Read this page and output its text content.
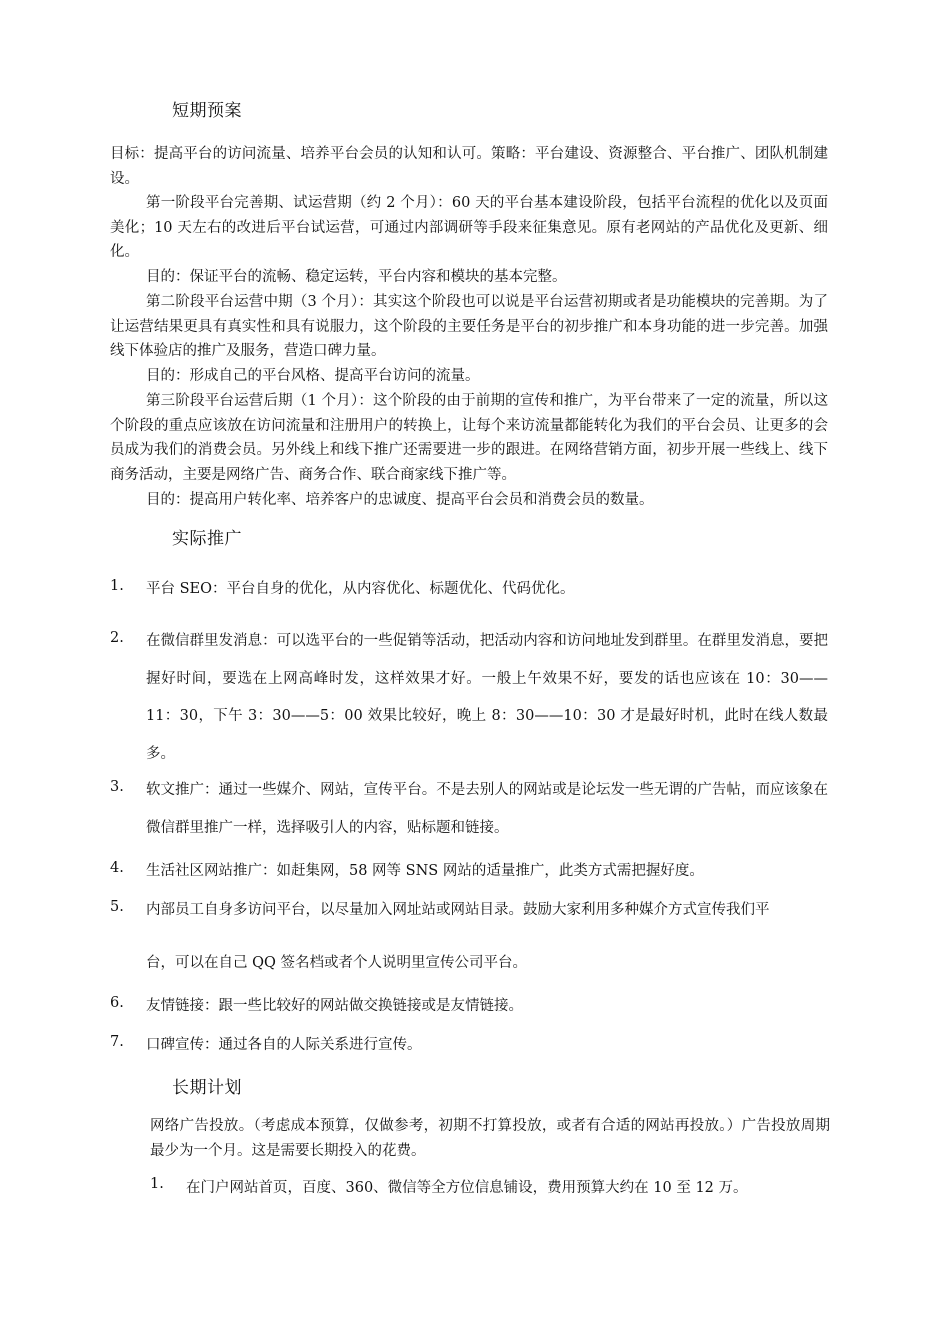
短期预案
目标：提高平台的访问流量、培养平台会员的认知和认可。策略：平台建设、资源整合、平台推广、团队机制建设。
第一阶段平台完善期、试运营期（约 2 个月）：60 天的平台基本建设阶段，包括平台流程的优化以及页面美化；10 天左右的改进后平台试运营，可通过内部调研等手段来征集意见。原有老网站的产品优化及更新、细化。
目的：保证平台的流畅、稳定运转，平台内容和模块的基本完整。
第二阶段平台运营中期（3 个月）：其实这个阶段也可以说是平台运营初期或者是功能模块的完善期。为了让运营结果更具有真实性和具有说服力，这个阶段的主要任务是平台的初步推广和本身功能的进一步完善。加强线下体验店的推广及服务，营造口碑力量。
目的：形成自己的平台风格、提高平台访问的流量。
第三阶段平台运营后期（1 个月）：这个阶段的由于前期的宣传和推广，为平台带来了一定的流量，所以这个阶段的重点应该放在访问流量和注册用户的转换上，让每个来访流量都能转化为我们的平台会员、让更多的会员成为我们的消费会员。另外线上和线下推广还需要进一步的跟进。在网络营销方面，初步开展一些线上、线下商务活动，主要是网络广告、商务合作、联合商家线下推广等。
目的：提高用户转化率、培养客户的忠诚度、提高平台会员和消费会员的数量。
实际推广
1.	平台 SEO：平台自身的优化，从内容优化、标题优化、代码优化。
2.	在微信群里发消息：可以选平台的一些促销等活动，把活动内容和访问地址发到群里。在群里发消息，要把握好时间，要选在上网高峰时发，这样效果才好。一般上午效果不好，要发的话也应该在 10：30——11：30，下午 3：30——5：00 效果比较好，晚上 8：30——10：30 才是最好时机，此时在线人数最多。
3.	软文推广：通过一些媒介、网站，宣传平台。不是去别人的网站或是论坛发一些无谓的广告帖，而应该象在微信群里推广一样，选择吸引人的内容，贴标题和链接。
4.	生活社区网站推广：如赶集网，58 网等 SNS 网站的适量推广，此类方式需把握好度。
5.	内部员工自身多访问平台，以尽量加入网址站或网站目录。鼓励大家利用多种媒介方式宣传我们平
台，可以在自己 QQ 签名档或者个人说明里宣传公司平台。
6.	友情链接：跟一些比较好的网站做交换链接或是友情链接。
7.	口碑宣传：通过各自的人际关系进行宣传。
长期计划
网络广告投放。（考虑成本预算，仅做参考，初期不打算投放，或者有合适的网站再投放。）广告投放周期最少为一个月。这是需要长期投入的花费。
1. 在门户网站首页，百度、360、微信等全方位信息铺设，费用预算大约在 10 至 12 万。
